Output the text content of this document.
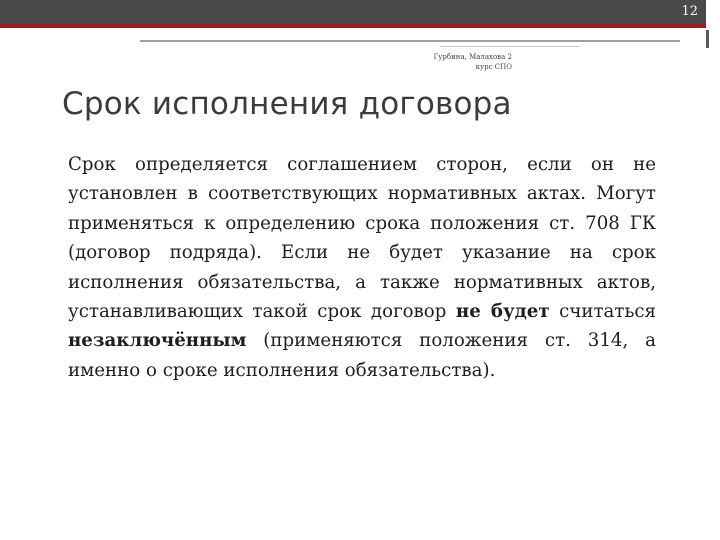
12
Гурбина, Малахова 2
курс СПО
Срок исполнения договора
Срок определяется соглашением сторон, если он не установлен в соответствующих нормативных актах. Могут применяться к определению срока положения ст. 708 ГК (договор подряда). Если не будет указание на срок исполнения обязательства, а также нормативных актов, устанавливающих такой срок договор не будет считаться незаключённым (применяются положения ст. 314, а именно о сроке исполнения обязательства).
